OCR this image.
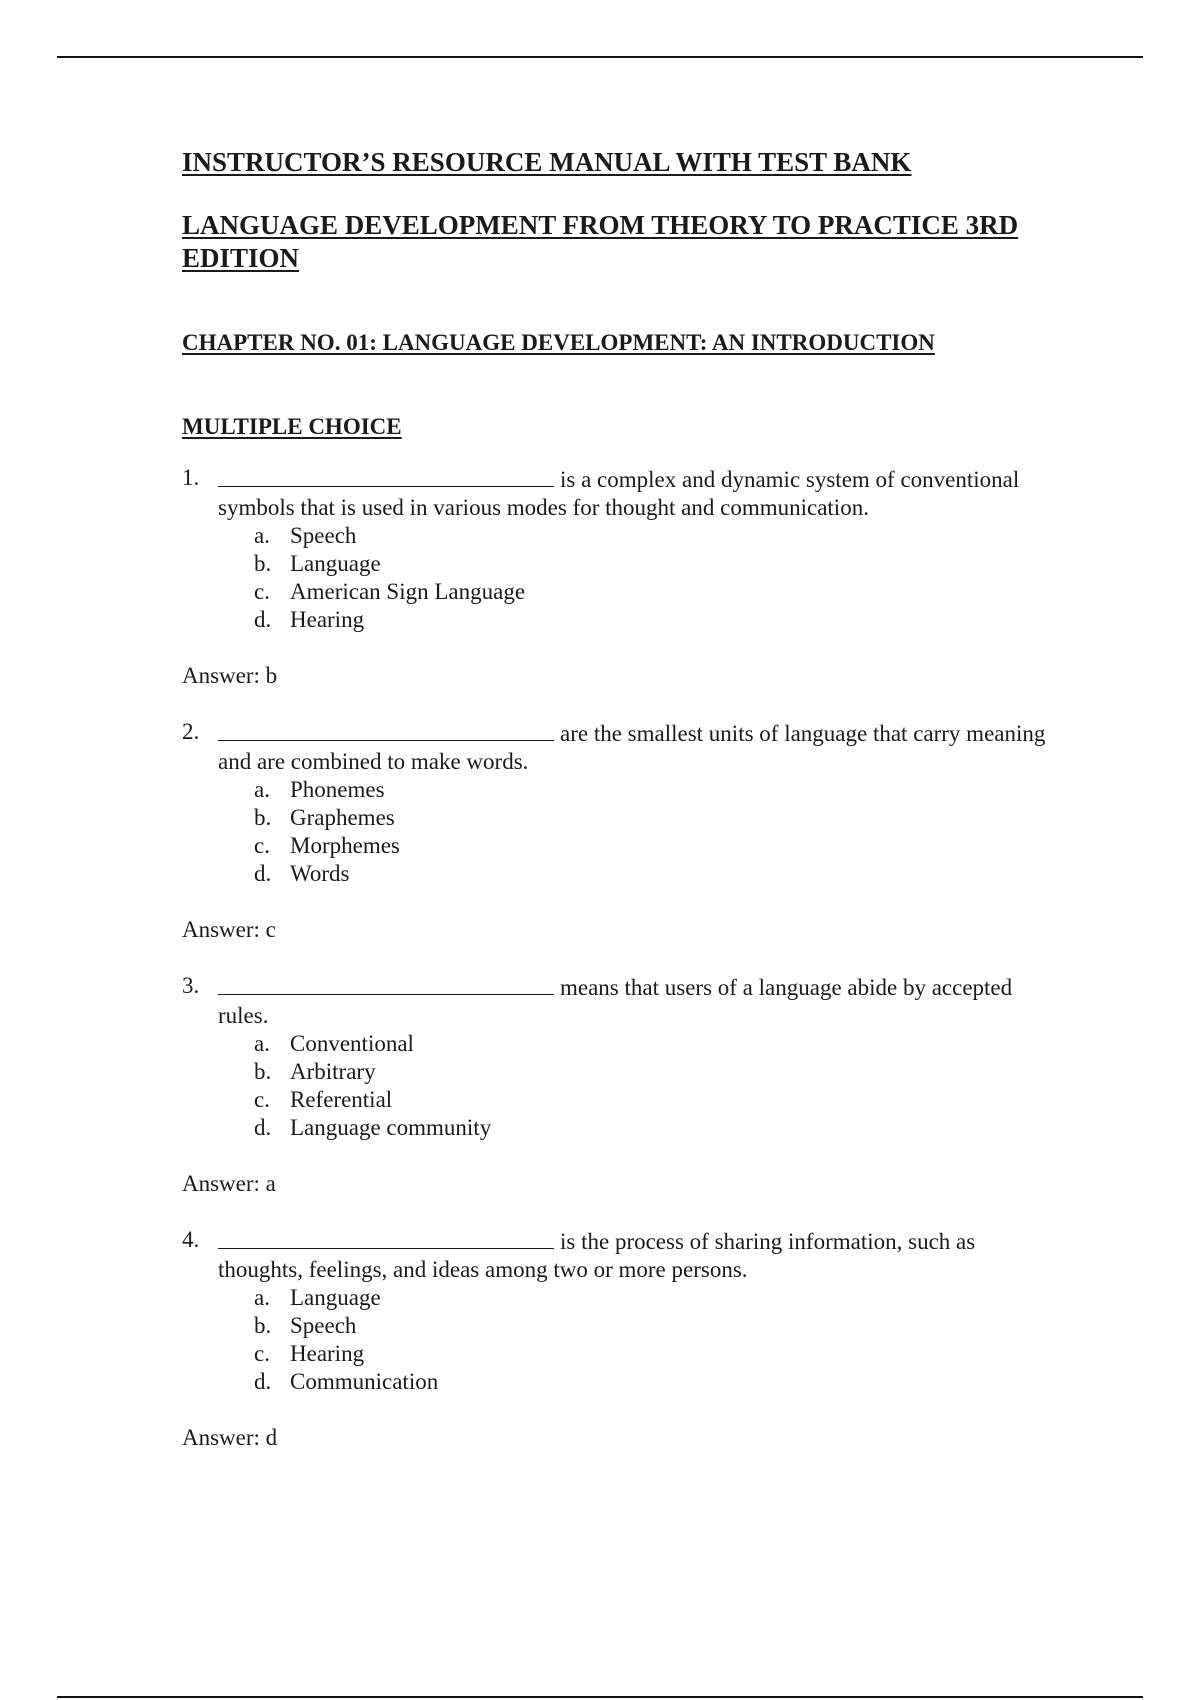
INSTRUCTOR’S RESOURCE MANUAL WITH TEST BANK
LANGUAGE DEVELOPMENT FROM THEORY TO PRACTICE 3RD EDITION
CHAPTER NO. 01: LANGUAGE DEVELOPMENT: AN INTRODUCTION
MULTIPLE CHOICE
1.	is a complex and dynamic system of conventional symbols that is used in various modes for thought and communication.
a. Speech
b. Language
c. American Sign Language
d. Hearing
Answer: b
2.	are the smallest units of language that carry meaning and are combined to make words.
a. Phonemes
b. Graphemes
c. Morphemes
d. Words
Answer: c
3.	means that users of a language abide by accepted rules.
a. Conventional
b. Arbitrary
c. Referential
d. Language community
Answer: a
4.	is the process of sharing information, such as thoughts, feelings, and ideas among two or more persons.
a. Language
b. Speech
c. Hearing
d. Communication
Answer: d
